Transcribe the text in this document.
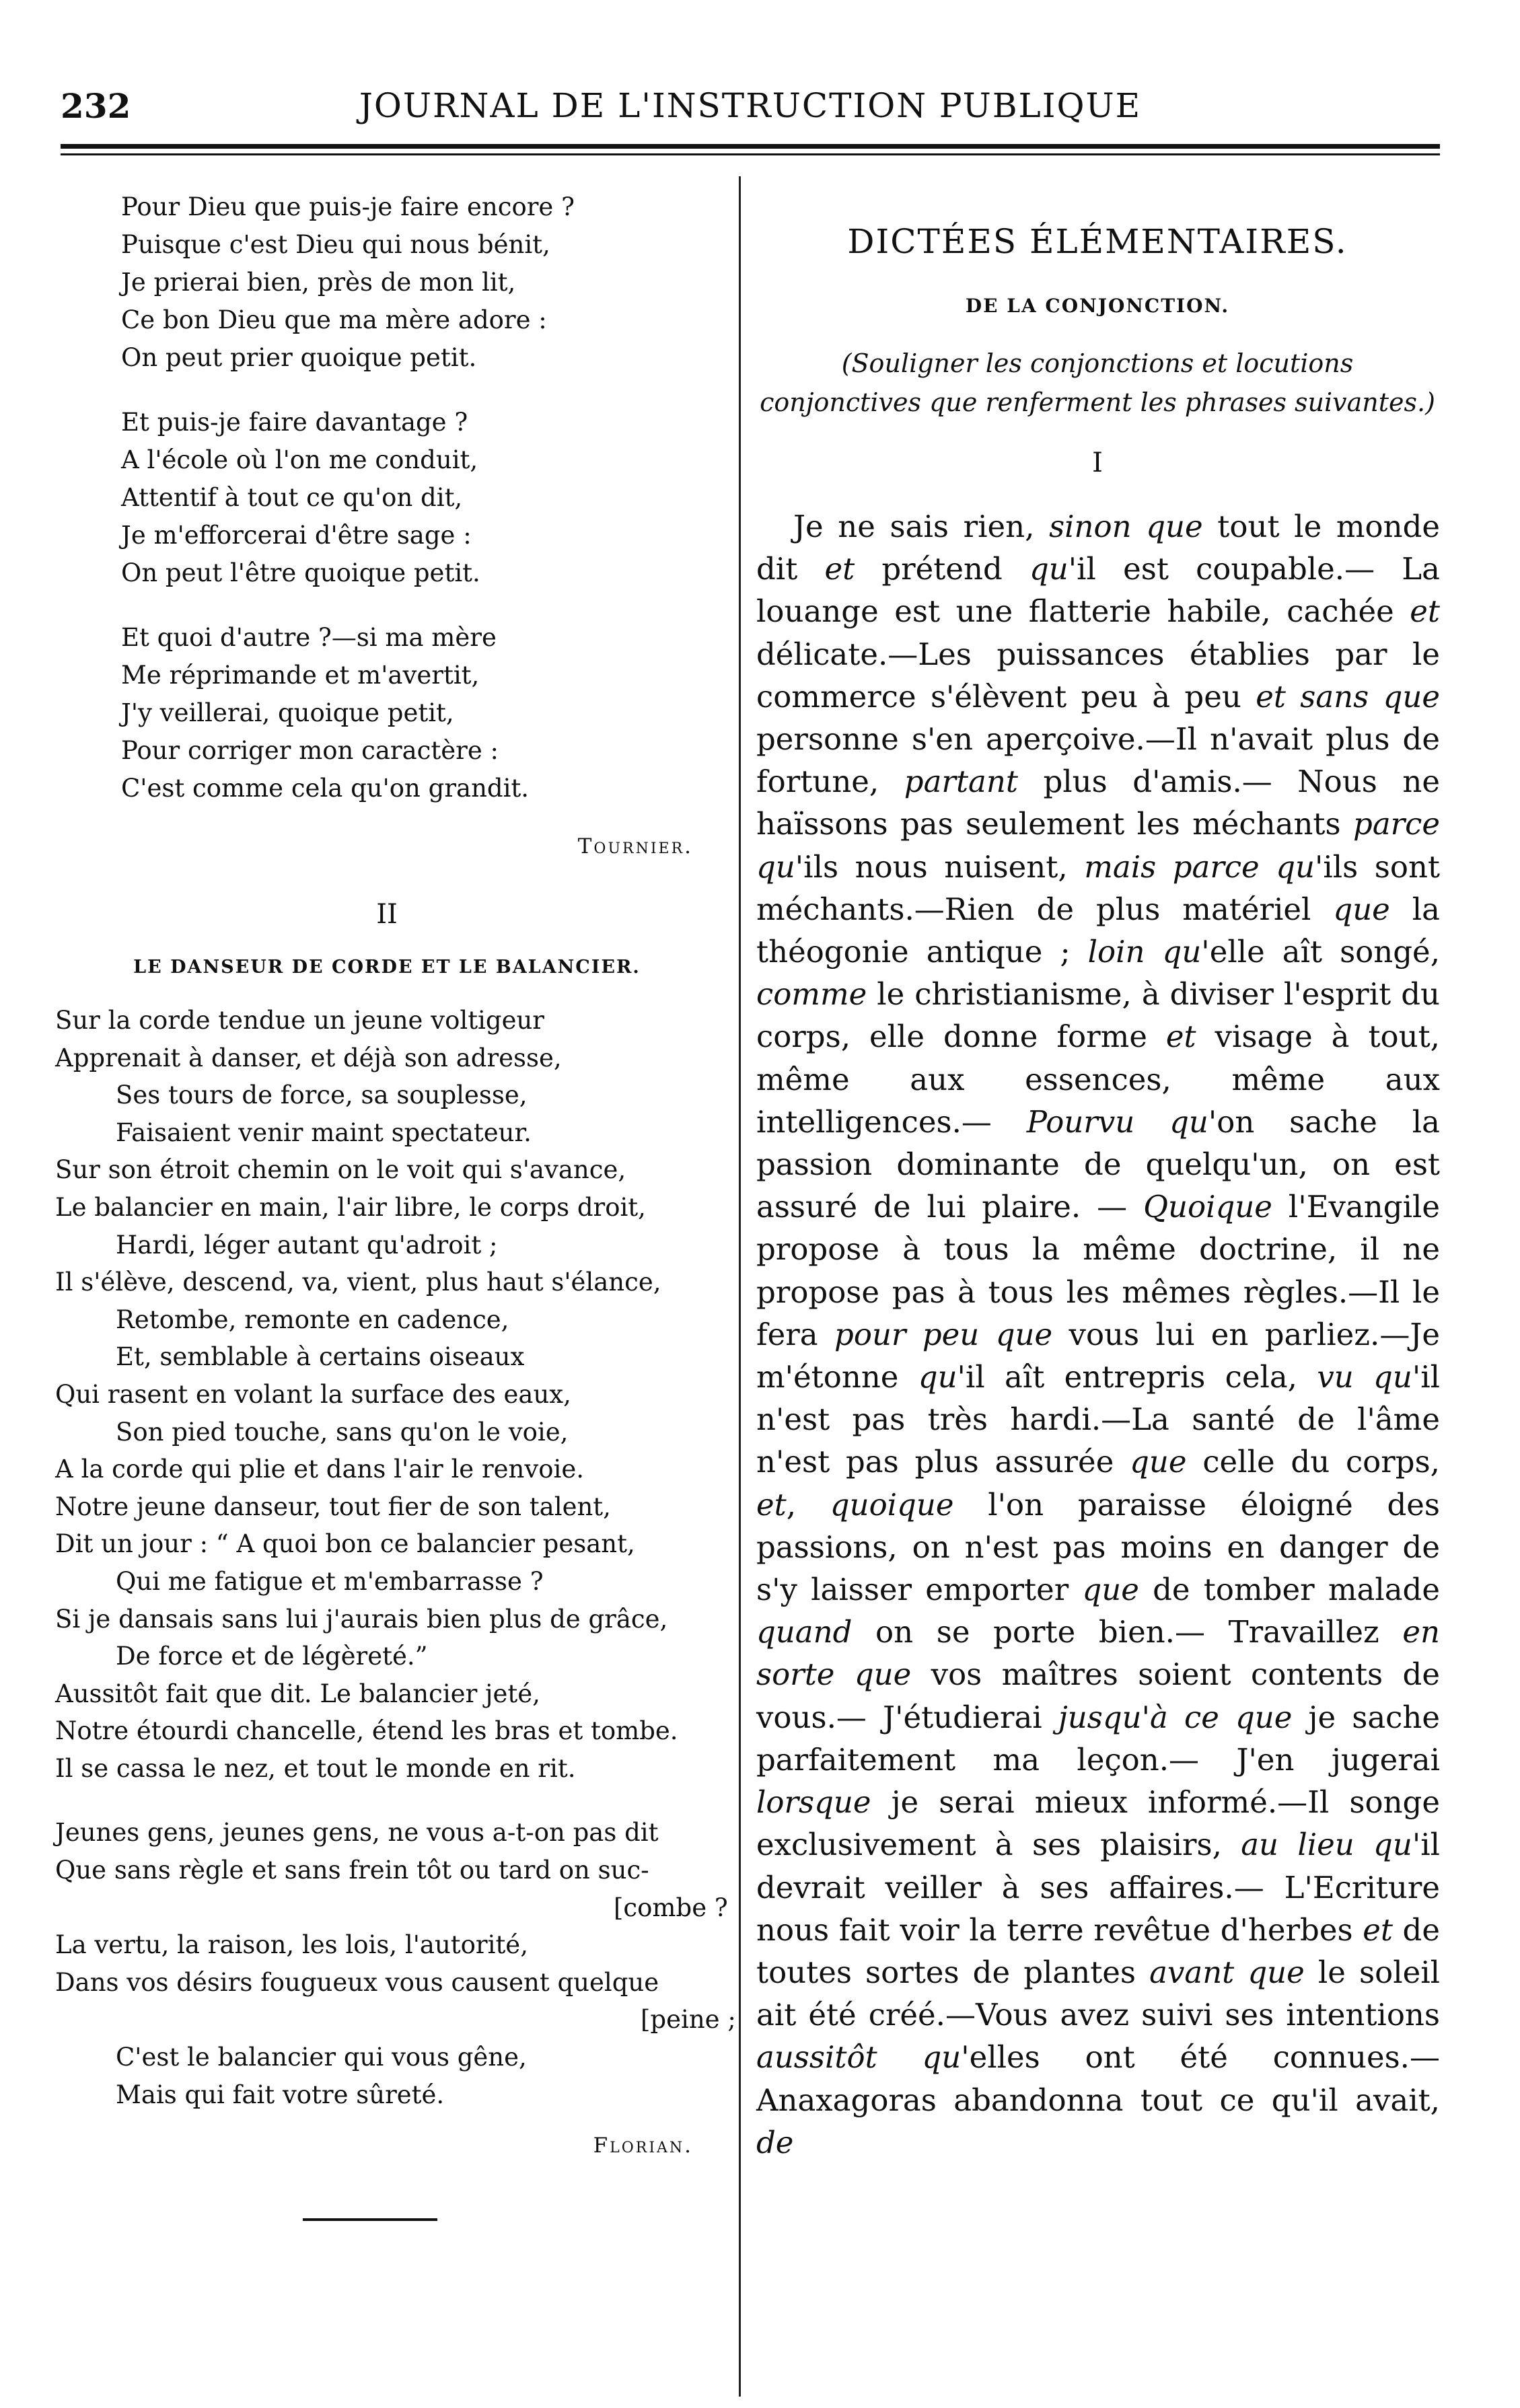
232	JOURNAL DE L'INSTRUCTION PUBLIQUE
Pour Dieu que puis-je faire encore ?
Puisque c'est Dieu qui nous bénit,
Je prierai bien, près de mon lit,
Ce bon Dieu que ma mère adore :
On peut prier quoique petit.
Et puis-je faire davantage ?
A l'école où l'on me conduit,
Attentif à tout ce qu'on dit,
Je m'efforcerai d'être sage :
On peut l'être quoique petit.
Et quoi d'autre ?—si ma mère
Me réprimande et m'avertit,
J'y veillerai, quoique petit,
Pour corriger mon caractère :
C'est comme cela qu'on grandit.
Tournier.
II
LE DANSEUR DE CORDE ET LE BALANCIER.
Sur la corde tendue un jeune voltigeur
Apprenait à danser, et déjà son adresse,
Ses tours de force, sa souplesse,
Faisaient venir maint spectateur.
Sur son étroit chemin on le voit qui s'avance,
Le balancier en main, l'air libre, le corps droit,
Hardi, léger autant qu'adroit ;
Il s'élève, descend, va, vient, plus haut s'élance,
Retombe, remonte en cadence,
Et, semblable à certains oiseaux
Qui rasent en volant la surface des eaux,
Son pied touche, sans qu'on le voie,
A la corde qui plie et dans l'air le renvoie.
Notre jeune danseur, tout fier de son talent,
Dit un jour : “ A quoi bon ce balancier pesant,
Qui me fatigue et m'embarrasse ?
Si je dansais sans lui j'aurais bien plus de grâce,
De force et de légèreté.”
Aussitôt fait que dit. Le balancier jeté,
Notre étourdi chancelle, étend les bras et tombe.
Il se cassa le nez, et tout le monde en rit.
Jeunes gens, jeunes gens, ne vous a-t-on pas dit
Que sans règle et sans frein tôt ou tard on suc-
[combe ?
La vertu, la raison, les lois, l'autorité,
Dans vos désirs fougueux vous causent quelque
[peine ;
C'est le balancier qui vous gêne,
Mais qui fait votre sûreté.
Florian.
DICTÉES ÉLÉMENTAIRES.
DE LA CONJONCTION.
(Souligner les conjonctions et locutions conjonctives que renferment les phrases suivantes.)
I
Je ne sais rien, sinon que tout le monde dit et prétend qu'il est coupable.— La louange est une flatterie habile, cachée et délicate.—Les puissances établies par le commerce s'élèvent peu à peu et sans que personne s'en aperçoive.—Il n'avait plus de fortune, partant plus d'amis.— Nous ne haïssons pas seulement les méchants parce qu'ils nous nuisent, mais parce qu'ils sont méchants.—Rien de plus matériel que la théogonie antique ; loin qu'elle aît songé, comme le christianisme, à diviser l'esprit du corps, elle donne forme et visage à tout, même aux essences, même aux intelligences.— Pourvu qu'on sache la passion dominante de quelqu'un, on est assuré de lui plaire. — Quoique l'Evangile propose à tous la même doctrine, il ne propose pas à tous les mêmes règles.—Il le fera pour peu que vous lui en parliez.—Je m'étonne qu'il aît entrepris cela, vu qu'il n'est pas très hardi.—La santé de l'âme n'est pas plus assurée que celle du corps, et, quoique l'on paraisse éloigné des passions, on n'est pas moins en danger de s'y laisser emporter que de tomber malade quand on se porte bien.— Travaillez en sorte que vos maîtres soient contents de vous.— J'étudierai jusqu'à ce que je sache parfaitement ma leçon.— J'en jugerai lorsque je serai mieux informé.—Il songe exclusivement à ses plaisirs, au lieu qu'il devrait veiller à ses affaires.— L'Ecriture nous fait voir la terre revêtue d'herbes et de toutes sortes de plantes avant que le soleil ait été créé.—Vous avez suivi ses intentions aussitôt qu'elles ont été connues.—Anaxagoras abandonna tout ce qu'il avait, de
